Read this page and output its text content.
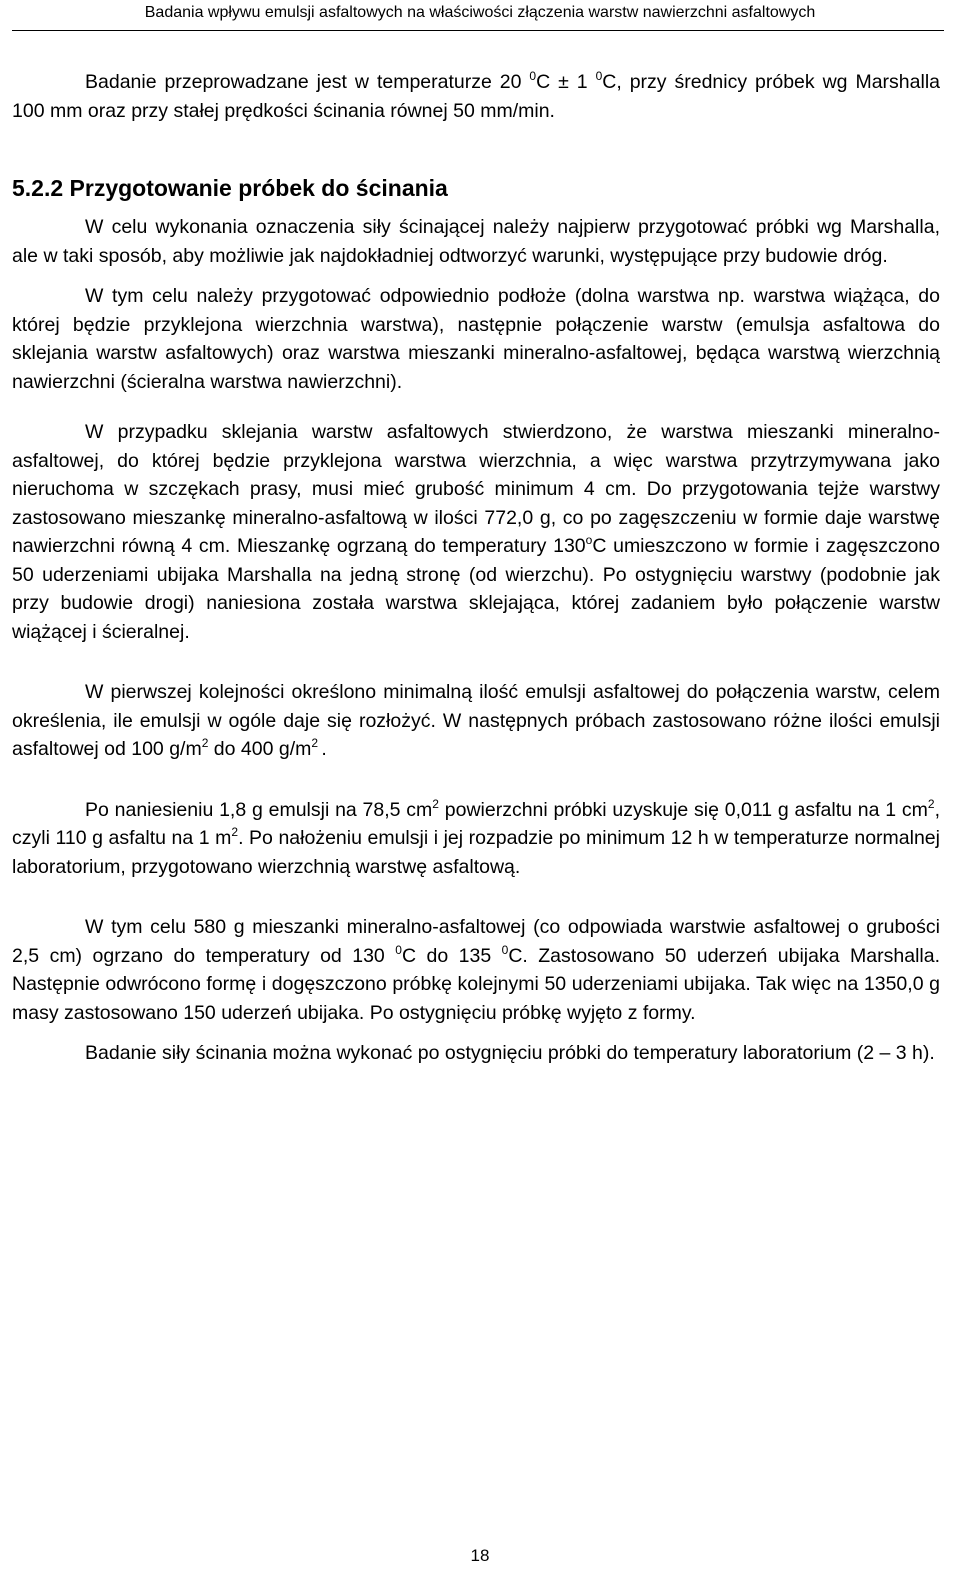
Badania wpływu emulsji asfaltowych na właściwości złączenia warstw nawierzchni asfaltowych

Badanie przeprowadzane jest w temperaturze 20 $^0$C ± 1 $^0$C, przy średnicy próbek wg Marshalla 100 mm oraz przy stałej prędkości ścinania równej 50 mm/min.

5.2.2 Przygotowanie próbek do ścinania

W celu wykonania oznaczenia siły ścinającej należy najpierw przygotować próbki wg Marshalla, ale w taki sposób, aby możliwie jak najdokładniej odtworzyć warunki, występujące przy budowie dróg.

W tym celu należy przygotować odpowiednio podłoże (dolna warstwa np. warstwa wiążąca, do której będzie przyklejona wierzchnia warstwa), następnie połączenie warstw (emulsja asfaltowa do sklejania warstw asfaltowych) oraz warstwa mieszanki mineralno-asfaltowej, będąca warstwą wierzchnią nawierzchni (ścieralna warstwa nawierzchni).

W przypadku sklejania warstw asfaltowych stwierdzono, że warstwa mieszanki mineralno-asfaltowej, do której będzie przyklejona warstwa wierzchnia, a więc warstwa przytrzymywana jako nieruchoma w szczękach prasy, musi mieć grubość minimum 4 cm. Do przygotowania tejże warstwy zastosowano mieszankę mineralno-asfaltową w ilości 772,0 g, co po zagęszczeniu w formie daje warstwę nawierzchni równą 4 cm. Mieszankę ogrzaną do temperatury 130$^o$C umieszczono w formie i zagęszczono 50 uderzeniami ubijaka Marshalla na jedną stronę (od wierzchu). Po ostygnięciu warstwy (podobnie jak przy budowie drogi) naniesiona została warstwa sklejająca, której zadaniem było połączenie warstw wiążącej i ścieralnej.

W pierwszej kolejności określono minimalną ilość emulsji asfaltowej do połączenia warstw, celem określenia, ile emulsji w ogóle daje się rozłożyć. W następnych próbach zastosowano różne ilości emulsji asfaltowej od 100 $g/m^2$ do 400 $g/m^2$ .

Po naniesieniu 1,8 g emulsji na 78,5 $cm^2$ powierzchni próbki uzyskuje się 0,011 g asfaltu na 1 $cm^2$, czyli 110 g asfaltu na 1 $m^2$. Po nałożeniu emulsji i jej rozpadzie po minimum 12 h w temperaturze normalnej laboratorium, przygotowano wierzchnią warstwę asfaltową.

W tym celu 580 g mieszanki mineralno-asfaltowej (co odpowiada warstwie asfaltowej o grubości 2,5 cm) ogrzano do temperatury od 130 $^0$C do 135 $^0$C. Zastosowano 50 uderzeń ubijaka Marshalla. Następnie odwrócono formę i dogęszczono próbkę kolejnymi 50 uderzeniami ubijaka. Tak więc na 1350,0 g masy zastosowano 150 uderzeń ubijaka. Po ostygnięciu próbkę wyjęto z formy.

Badanie siły ścinania można wykonać po ostygnięciu próbki do temperatury laboratorium (2 – 3 h).

18
